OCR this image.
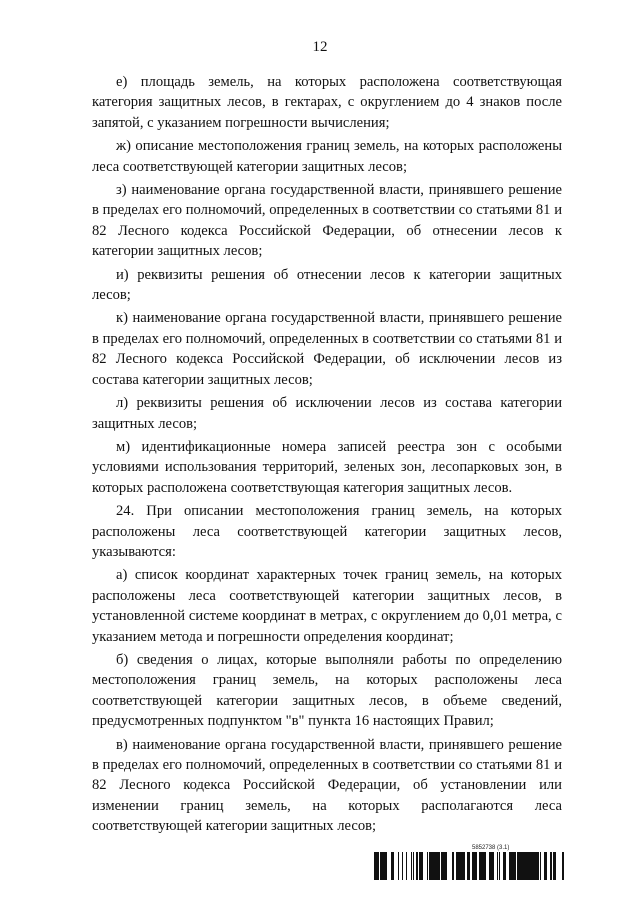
12

е) площадь земель, на которых расположена соответствующая категория защитных лесов, в гектарах, с округлением до 4 знаков после запятой, с указанием погрешности вычисления;

ж) описание местоположения границ земель, на которых расположены леса соответствующей категории защитных лесов;

з) наименование органа государственной власти, принявшего решение в пределах его полномочий, определенных в соответствии со статьями 81 и 82 Лесного кодекса Российской Федерации, об отнесении лесов к категории защитных лесов;

и) реквизиты решения об отнесении лесов к категории защитных лесов;

к) наименование органа государственной власти, принявшего решение в пределах его полномочий, определенных в соответствии со статьями 81 и 82 Лесного кодекса Российской Федерации, об исключении лесов из состава категории защитных лесов;

л) реквизиты решения об исключении лесов из состава категории защитных лесов;

м) идентификационные номера записей реестра зон с особыми условиями использования территорий, зеленых зон, лесопарковых зон, в которых расположена соответствующая категория защитных лесов.

24. При описании местоположения границ земель, на которых расположены леса соответствующей категории защитных лесов, указываются:

а) список координат характерных точек границ земель, на которых расположены леса соответствующей категории защитных лесов, в установленной системе координат в метрах, с округлением до 0,01 метра, с указанием метода и погрешности определения координат;

б) сведения о лицах, которые выполняли работы по определению местоположения границ земель, на которых расположены леса соответствующей категории защитных лесов, в объеме сведений, предусмотренных подпунктом "в" пункта 16 настоящих Правил;

в) наименование органа государственной власти, принявшего решение в пределах его полномочий, определенных в соответствии со статьями 81 и 82 Лесного кодекса Российской Федерации, об установлении или изменении границ земель, на которых располагаются леса соответствующей категории защитных лесов;

5852738 (3.1)
